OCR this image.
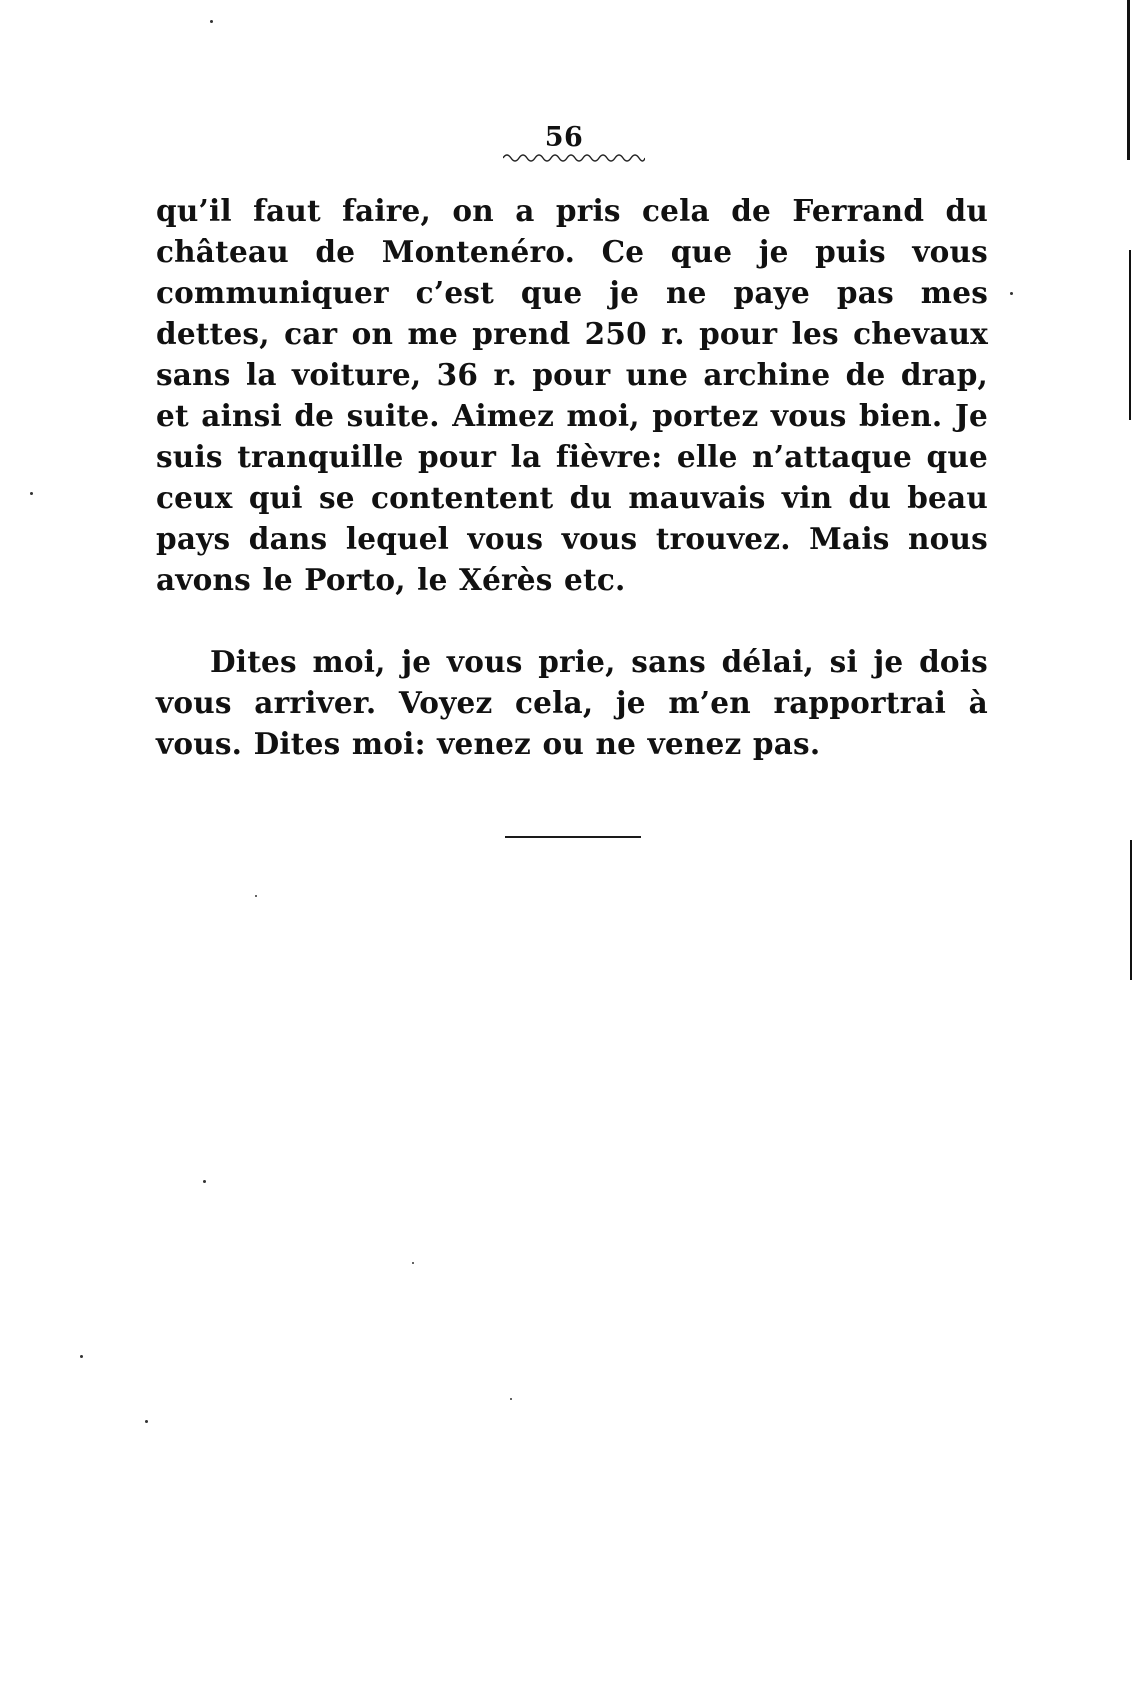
56

qu’il faut faire, on a pris cela de Ferrand du château de Montenéro. Ce que je puis vous communiquer c’est que je ne paye pas mes dettes, car on me prend 250 r. pour les chevaux sans la voiture, 36 r. pour une archine de drap, et ainsi de suite. Aimez moi, portez vous bien. Je suis tranquille pour la fièvre: elle n’attaque que ceux qui se contentent du mauvais vin du beau pays dans lequel vous vous trouvez. Mais nous avons le Porto, le Xérès etc.

Dites moi, je vous prie, sans délai, si je dois vous arriver. Voyez cela, je m’en rapportrai à vous. Dites moi: venez ou ne venez pas.
